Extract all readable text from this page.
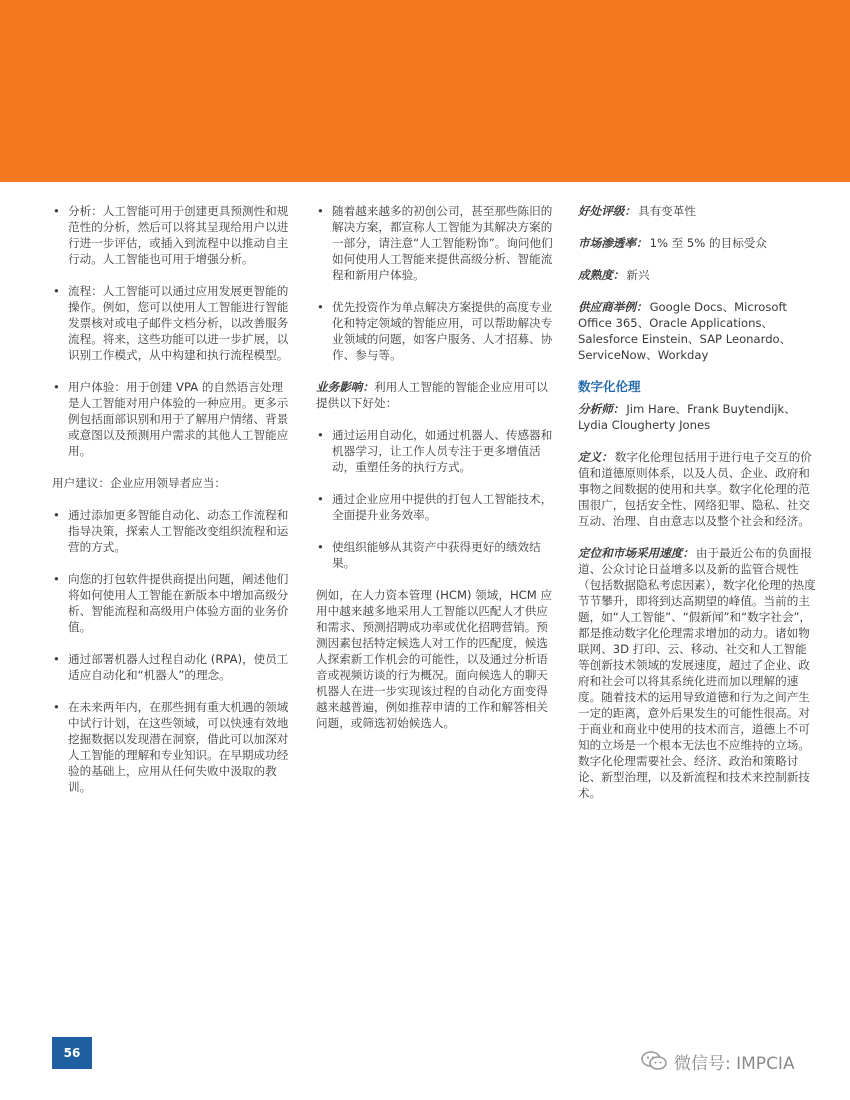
• 分析：人工智能可用于创建更具预测性和规范性的分析，然后可以将其呈现给用户以进行进一步评估，或插入到流程中以推动自主行动。人工智能也可用于增强分析。
• 流程：人工智能可以通过应用发展更智能的操作。例如，您可以使用人工智能进行智能发票核对或电子邮件文档分析，以改善服务流程。将来，这些功能可以进一步扩展，以识别工作模式，从中构建和执行流程模型。
• 用户体验：用于创建 VPA 的自然语言处理是人工智能对用户体验的一种应用。更多示例包括面部识别和用于了解用户情绪、背景或意图以及预测用户需求的其他人工智能应用。

用户建议：企业应用领导者应当：

• 通过添加更多智能自动化、动态工作流程和指导决策，探索人工智能改变组织流程和运营的方式。
• 向您的打包软件提供商提出问题，阐述他们将如何使用人工智能在新版本中增加高级分析、智能流程和高级用户体验方面的业务价值。
• 通过部署机器人过程自动化 (RPA)，使员工适应自动化和“机器人”的理念。
• 在未来两年内，在那些拥有重大机遇的领域中试行计划，在这些领域，可以快速有效地挖掘数据以发现潜在洞察，借此可以加深对人工智能的理解和专业知识。在早期成功经验的基础上，应用从任何失败中汲取的教训。
• 随着越来越多的初创公司，甚至那些陈旧的解决方案，都宣称人工智能为其解决方案的一部分，请注意“人工智能粉饰”。询问他们如何使用人工智能来提供高级分析、智能流程和新用户体验。
• 优先投资作为单点解决方案提供的高度专业化和特定领域的智能应用，可以帮助解决专业领域的问题，如客户服务、人才招募、协作、参与等。

业务影响：利用人工智能的智能企业应用可以提供以下好处：

• 通过运用自动化，如通过机器人、传感器和机器学习，让工作人员专注于更多增值活动，重塑任务的执行方式。
• 通过企业应用中提供的打包人工智能技术，全面提升业务效率。
• 使组织能够从其资产中获得更好的绩效结果。

例如，在人力资本管理 (HCM) 领域，HCM 应用中越来越多地采用人工智能以匹配人才供应和需求、预测招聘成功率或优化招聘营销。预测因素包括特定候选人对工作的匹配度，候选人探索新工作机会的可能性，以及通过分析语音或视频访谈的行为概况。面向候选人的聊天机器人在进一步实现该过程的自动化方面变得越来越普遍，例如推荐申请的工作和解答相关问题，或筛选初始候选人。

好处评级： 具有变革性

市场渗透率： 1% 至 5% 的目标受众

成熟度： 新兴

供应商举例： Google Docs、Microsoft Office 365、Oracle Applications、Salesforce Einstein、SAP Leonardo、ServiceNow、Workday

数字化伦理

分析师： Jim Hare、Frank Buytendijk、Lydia Clougherty Jones

定义： 数字化伦理包括用于进行电子交互的价值和道德原则体系，以及人员、企业、政府和事物之间数据的使用和共享。数字化伦理的范围很广，包括安全性、网络犯罪、隐私、社交互动、治理、自由意志以及整个社会和经济。

定位和市场采用速度： 由于最近公布的负面报道、公众讨论日益增多以及新的监管合规性（包括数据隐私考虑因素），数字化伦理的热度节节攀升，即将到达高期望的峰值。当前的主题，如“人工智能”、“假新闻”和“数字社会”，都是推动数字化伦理需求增加的动力。诸如物联网、3D 打印、云、移动、社交和人工智能等创新技术领域的发展速度，超过了企业、政府和社会可以将其系统化进而加以理解的速度。随着技术的运用导致道德和行为之间产生一定的距离，意外后果发生的可能性很高。对于商业和商业中使用的技术而言，道德上不可知的立场是一个根本无法也不应维持的立场。数字化伦理需要社会、经济、政治和策略讨论、新型治理，以及新流程和技术来控制新技术。

56
微信号: IMPCIA
